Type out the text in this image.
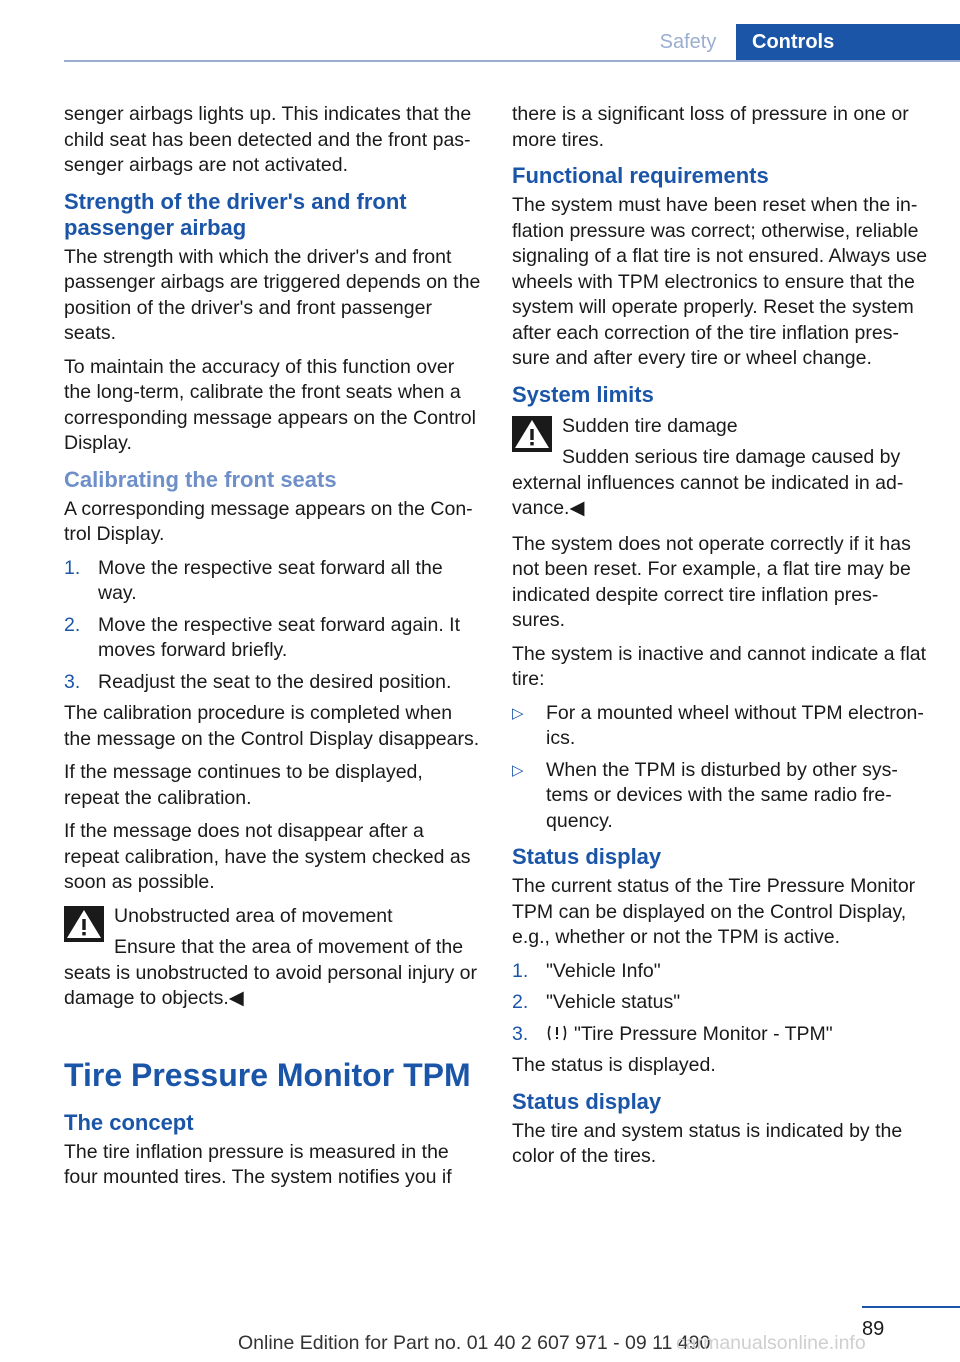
Safety	Controls

senger airbags lights up. This indicates that the child seat has been detected and the front pas-senger airbags are not activated.

Strength of the driver's and front passenger airbag

The strength with which the driver's and front passenger airbags are triggered depends on the position of the driver's and front passenger seats.

To maintain the accuracy of this function over the long-term, calibrate the front seats when a corresponding message appears on the Control Display.

Calibrating the front seats

A corresponding message appears on the Con-trol Display.

1. Move the respective seat forward all the way.
2. Move the respective seat forward again. It moves forward briefly.
3. Readjust the seat to the desired position.

The calibration procedure is completed when the message on the Control Display disappears.

If the message continues to be displayed, repeat the calibration.

If the message does not disappear after a repeat calibration, have the system checked as soon as possible.

Unobstructed area of movement

Ensure that the area of movement of the seats is unobstructed to avoid personal injury or damage to objects.◀

Tire Pressure Monitor TPM
The concept

The tire inflation pressure is measured in the four mounted tires. The system notifies you if

there is a significant loss of pressure in one or more tires.

Functional requirements

The system must have been reset when the in-flation pressure was correct; otherwise, reliable signaling of a flat tire is not ensured. Always use wheels with TPM electronics to ensure that the system will operate properly. Reset the system after each correction of the tire inflation pres-sure and after every tire or wheel change.

System limits
Sudden tire damage

Sudden serious tire damage caused by external influences cannot be indicated in ad-vance.◀

The system does not operate correctly if it has not been reset. For example, a flat tire may be indicated despite correct tire inflation pres-sures.

The system is inactive and cannot indicate a flat tire:

▷ For a mounted wheel without TPM electron-ics.
▷ When the TPM is disturbed by other sys-tems or devices with the same radio fre-quency.
Status display

The current status of the Tire Pressure Monitor TPM can be displayed on the Control Display, e.g., whether or not the TPM is active.

1. "Vehicle Info"
2. "Vehicle status"
3. "Tire Pressure Monitor - TPM"

The status is displayed.

Status display

The tire and system status is indicated by the color of the tires.

89
Online Edition for Part no. 01 40 2 607 971 - 09 11 490
carmanualsonline.info
